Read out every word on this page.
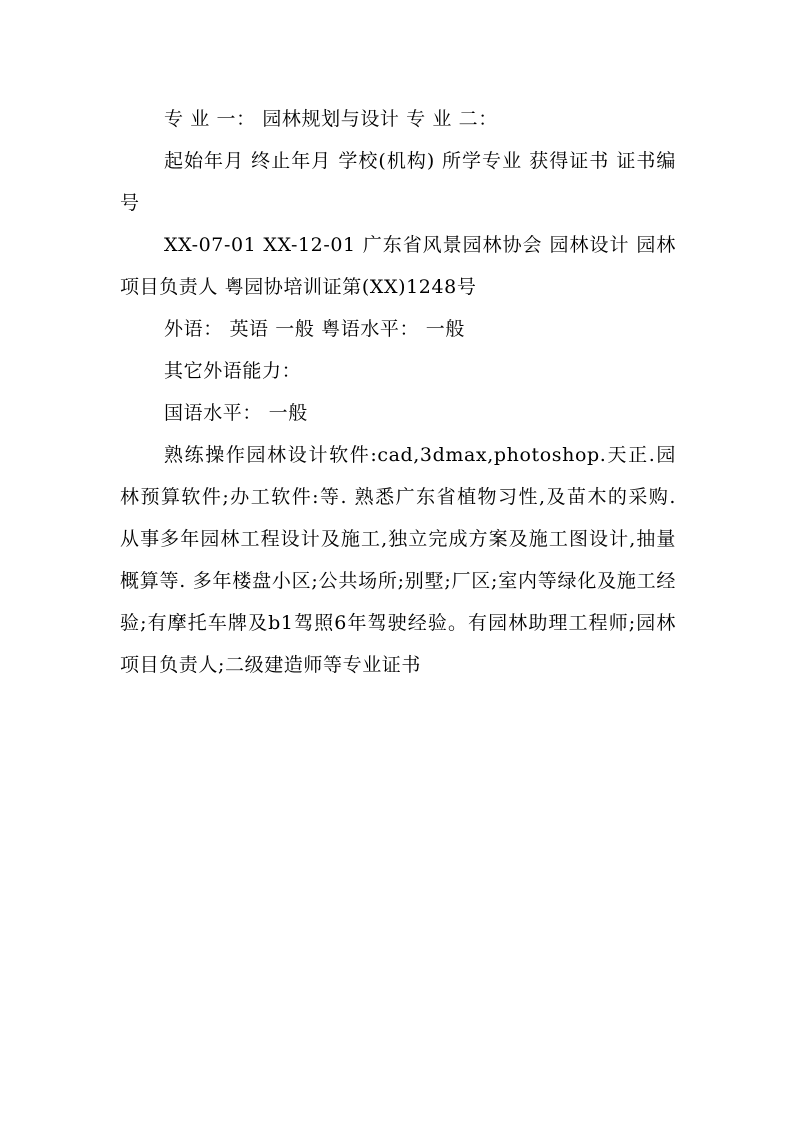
专 业 一： 园林规划与设计 专 业 二：

起始年月 终止年月 学校(机构) 所学专业 获得证书 证书编号

XX-07-01 XX-12-01 广东省风景园林协会 园林设计 园林项目负责人 粤园协培训证第(XX)1248号

外语： 英语 一般 粤语水平： 一般

其它外语能力：

国语水平： 一般

熟练操作园林设计软件:cad,3dmax,photoshop.天正.园林预算软件;办工软件:等. 熟悉广东省植物习性,及苗木的采购. 从事多年园林工程设计及施工,独立完成方案及施工图设计,抽量概算等. 多年楼盘小区;公共场所;别墅;厂区;室内等绿化及施工经验;有摩托车牌及b1驾照6年驾驶经验。有园林助理工程师;园林项目负责人;二级建造师等专业证书
